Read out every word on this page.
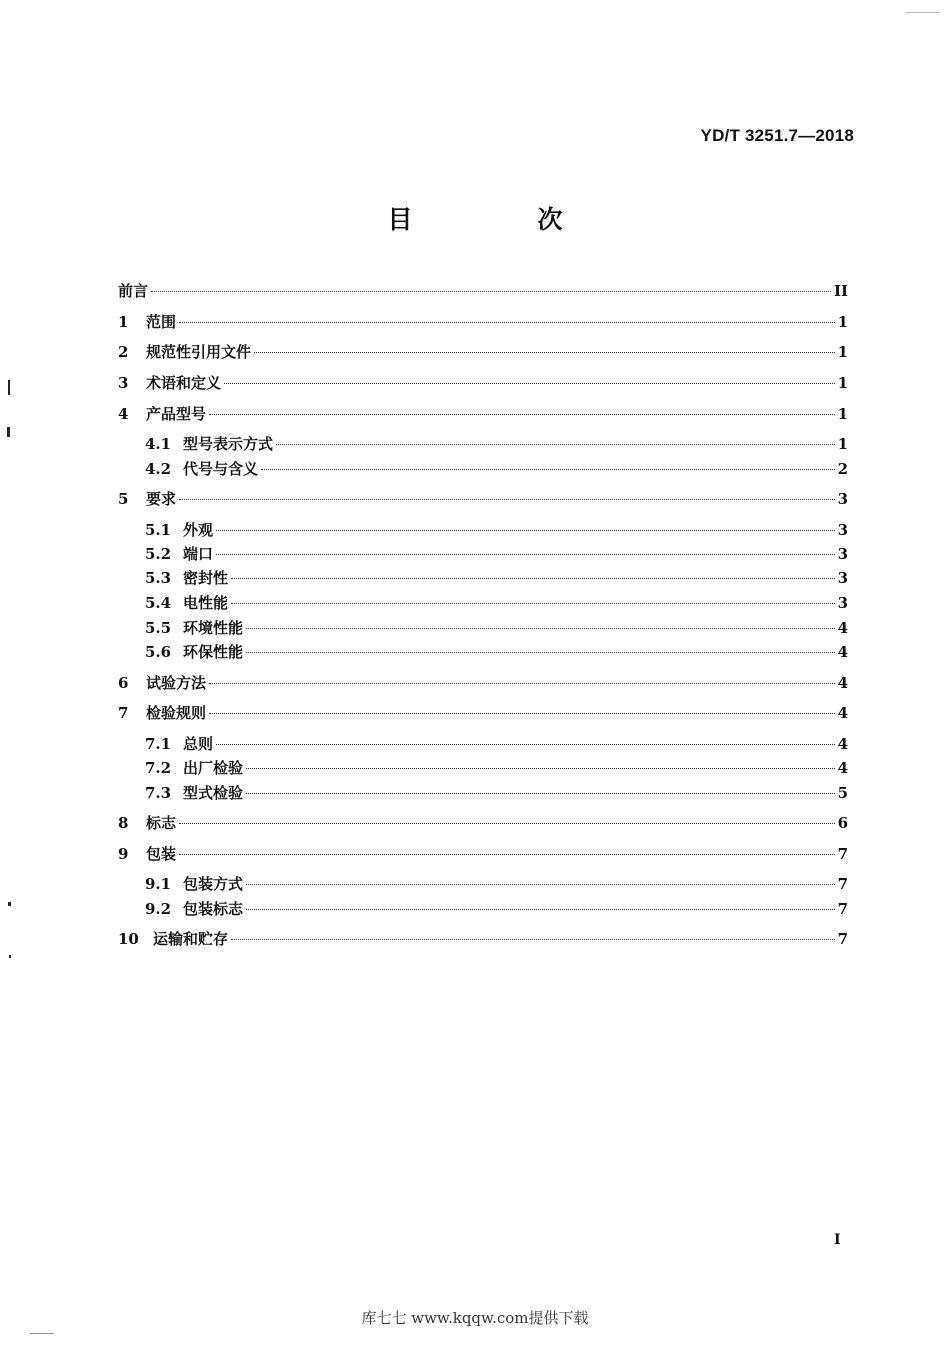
YD/T 3251.7—2018
目　次
前言	II
1	范围	1
2	规范性引用文件	1
3	术语和定义	1
4	产品型号	1
4.1 型号表示方式	1
4.2 代号与含义	2
5	要求	3
5.1 外观	3
5.2 端口	3
5.3 密封性	3
5.4 电性能	3
5.5 环境性能	4
5.6 环保性能	4
6	试验方法	4
7	检验规则	4
7.1 总则	4
7.2 出厂检验	4
7.3 型式检验	5
8	标志	6
9	包装	7
9.1 包装方式	7
9.2 包装标志	7
10 运输和贮存	7
I
库七七 www.kqqw.com提供下载
